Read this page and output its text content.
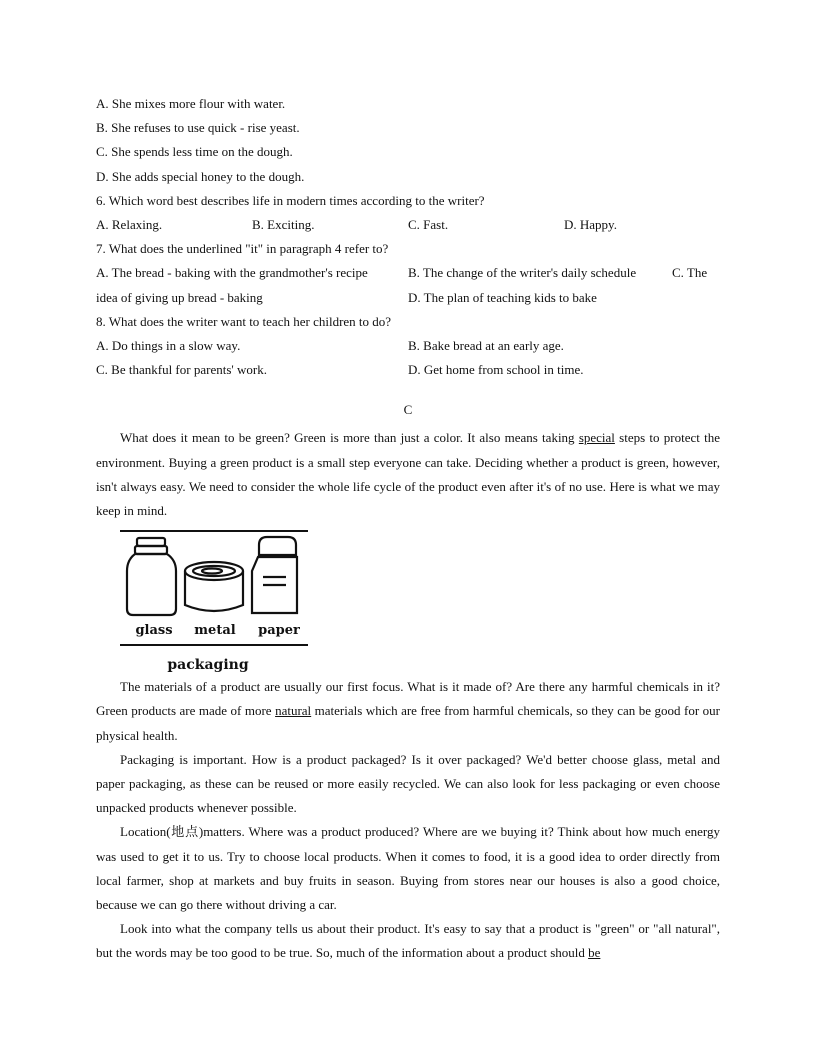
A. She mixes more flour with water.
B. She refuses to use quick - rise yeast.
C. She spends less time on the dough.
D. She adds special honey to the dough.
6. Which word best describes life in modern times according to the writer?
A. Relaxing.	B. Exciting.	C. Fast.	D. Happy.
7. What does the underlined "it" in paragraph 4 refer to?
A. The bread - baking with the grandmother's recipe	B. The change of the writer's daily schedule	C. The
idea of giving up bread - baking	D. The plan of teaching kids to bake
8. What does the writer want to teach her children to do?
A. Do things in a slow way.	B. Bake bread at an early age.
C. Be thankful for parents' work.	D. Get home from school in time.
C

What does it mean to be green? Green is more than just a color. It also means taking special steps to protect the environment. Buying a green product is a small step everyone can take. Deciding whether a product is green, however, isn't always easy. We need to consider the whole life cycle of the product even after it's of no use. Here is what we may keep in mind.

glass metal paper
packaging

The materials of a product are usually our first focus. What is it made of? Are there any harmful chemicals in it? Green products are made of more natural materials which are free from harmful chemicals, so they can be good for our physical health.

Packaging is important. How is a product packaged? Is it over packaged? We'd better choose glass, metal and paper packaging, as these can be reused or more easily recycled. We can also look for less packaging or even choose unpacked products whenever possible.

Location(地点)matters. Where was a product produced? Where are we buying it? Think about how much energy was used to get it to us. Try to choose local products. When it comes to food, it is a good idea to order directly from local farmer, shop at markets and buy fruits in season. Buying from stores near our houses is also a good choice, because we can go there without driving a car.

Look into what the company tells us about their product. It's easy to say that a product is "green" or "all natural", but the words may be too good to be true. So, much of the information about a product should be
